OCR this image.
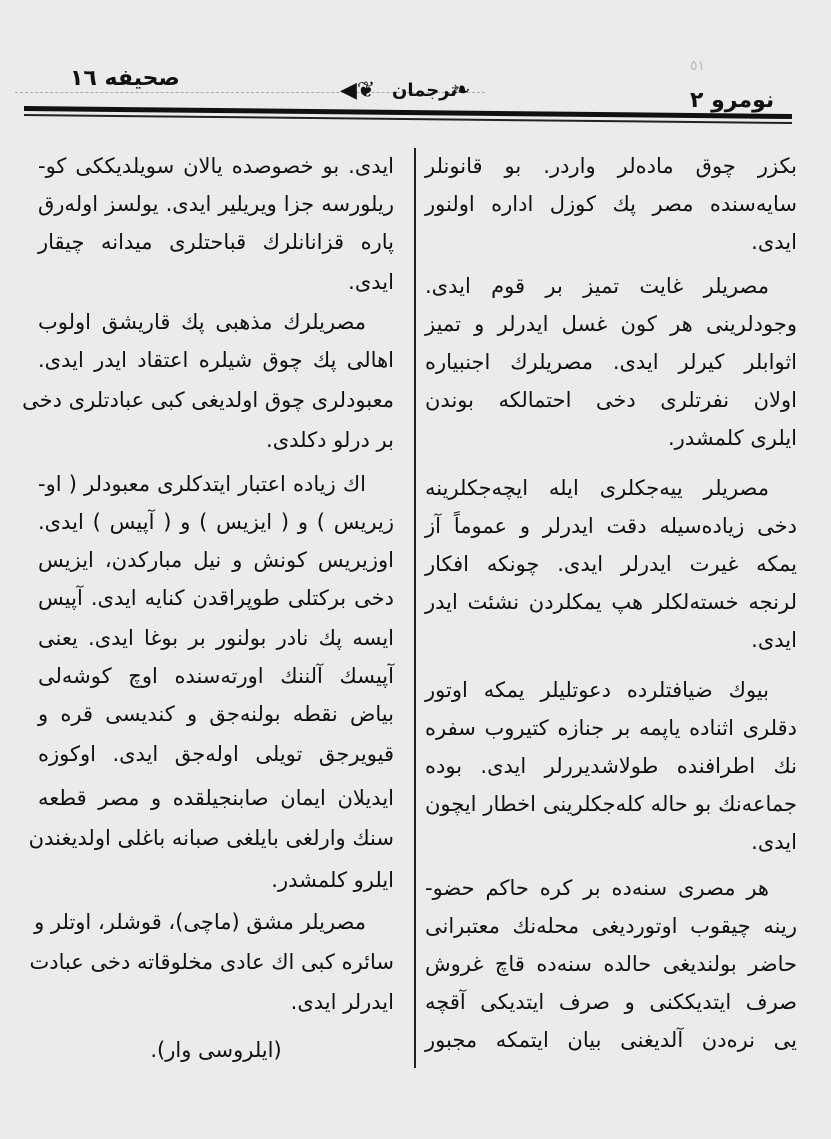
٥١
صحیفه ١٦	◀❦ ترجمان
❧	نومرو ٢
بکزر چوق ماده‌لر واردر. بو قانونلر
سایه‌سنده مصر پك کوزل اداره اولنور
ایدی.
مصریلر غایت تمیز بر قوم ایدی.
وجودلرینی هر کون غسل ایدرلر و تمیز
اثوابلر کیرلر ایدی. مصریلرك اجنبیاره
اولان نفرتلری دخی احتمالکه بوندن
ایلری کلمشدر.
مصریلر ییه‌جکلری ایله ایچه‌جکلرینه
دخی زیاده‌سیله دقت ایدرلر و عموماً آز
یمکه غیرت ایدرلر ایدی. چونکه افکار
لرنجه خسته‌لکلر هپ یمکلردن نشئت ایدر
ایدی.
بیوك ضیافتلرده دعوتلیلر یمکه اوتور
دقلری اثناده یاپمه بر جنازه کتیروب سفره
نك اطرافنده طولاشدیررلر ایدی. بوده
جماعه‌نك بو حاله کله‌جکلرینی اخطار ایچون
ایدی.
هر مصری سنه‌ده بر کره حاکم حضو-
رینه چیقوب اوتوردیغی محله‌نك معتبرانی
حاضر بولندیغی حالده سنه‌ده قاچ غروش
صرف ایتدیککنی و صرف ایتدیکی آقچه
یی نره‌دن آلدیغنی بیان ایتمکه مجبور
ایدی. بو خصوصده یالان سویلدیککی کو-
ریلورسه جزا ویریلیر ایدی. یولسز اوله‌رق
پاره قزانانلرك قباحتلری میدانه چیقار
ایدی.
مصریلرك مذهبی پك قاریشق اولوب
اهالی پك چوق شیلره اعتقاد ایدر ایدی.
معبودلری چوق اولدیغی کبی عبادتلری دخی
بر درلو دکلدی.
اك زیاده اعتبار ایتدکلری معبودلر ( او-
زیریس ) و ( ایزیس ) و ( آپیس ) ایدی.
اوزیریس کونش و نیل مبارکدن، ایزیس
دخی برکتلی طوپراقدن کنایه ایدی. آپیس
ایسه پك نادر بولنور بر بوغا ایدی. یعنی
آپیسك آلننك اورته‌سنده اوچ کوشه‌لی
بیاض نقطه بولنه‌جق و کندیسی قره و
قیویرجق تویلی اوله‌جق ایدی. اوکوزه
ایدیلان ایمان صابنجیلقده و مصر قطعه
سنك وارلغی بایلغی صبانه باغلی اولدیغندن
ایلرو کلمشدر.
مصریلر مشق (ماچی)، قوشلر، اوتلر و
سائره کبی اك عادی مخلوقاته دخی عبادت
ایدرلر ایدی.
(ایلروسی وار).
